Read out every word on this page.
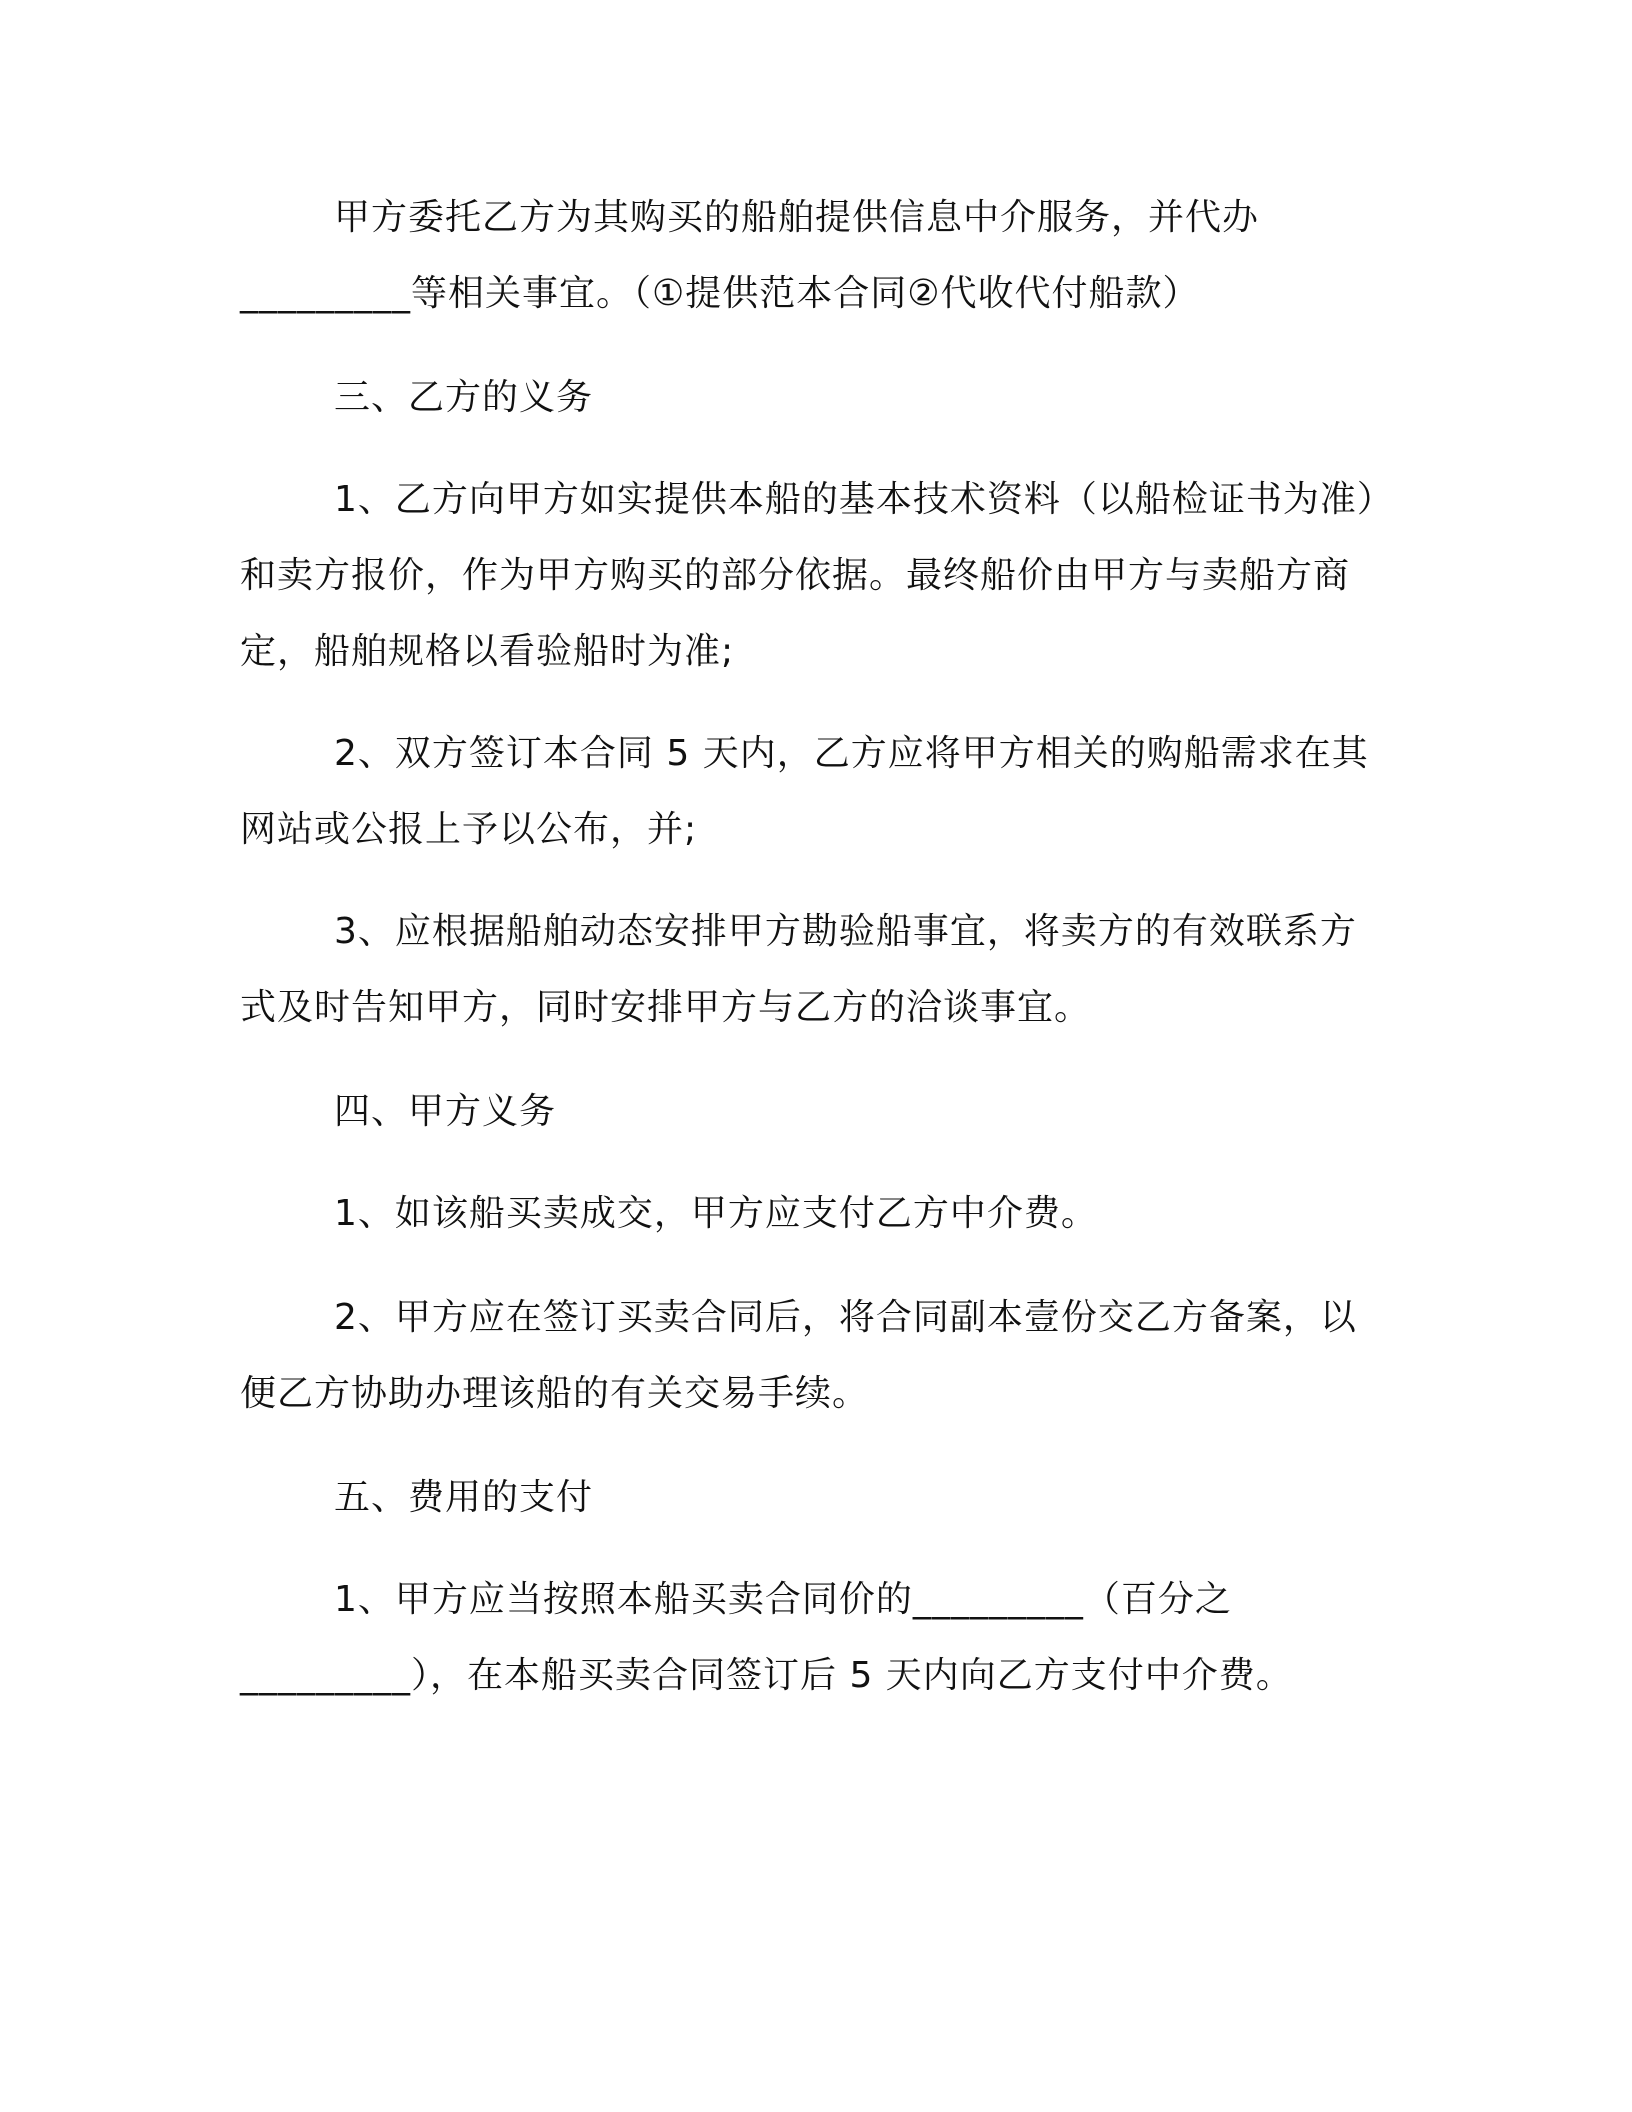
甲方委托乙方为其购买的船舶提供信息中介服务，并代办
_________等相关事宜。（①提供范本合同②代收代付船款）
三、乙方的义务
1、乙方向甲方如实提供本船的基本技术资料（以船检证书为准）
和卖方报价，作为甲方购买的部分依据。最终船价由甲方与卖船方商
定，船舶规格以看验船时为准;
2、双方签订本合同 5 天内，乙方应将甲方相关的购船需求在其
网站或公报上予以公布，并;
3、应根据船舶动态安排甲方勘验船事宜，将卖方的有效联系方
式及时告知甲方，同时安排甲方与乙方的洽谈事宜。
四、甲方义务
1、如该船买卖成交，甲方应支付乙方中介费。
2、甲方应在签订买卖合同后，将合同副本壹份交乙方备案，以
便乙方协助办理该船的有关交易手续。
五、费用的支付
1、甲方应当按照本船买卖合同价的_________（百分之
_________），在本船买卖合同签订后 5 天内向乙方支付中介费。
